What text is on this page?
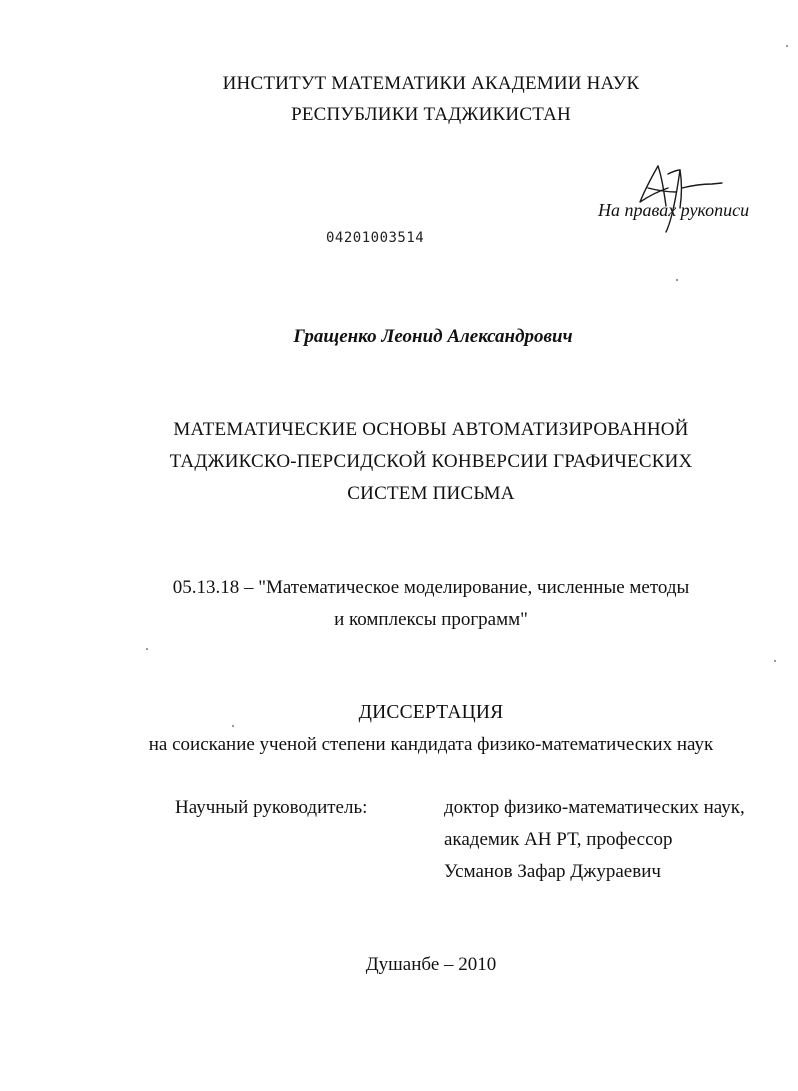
ИНСТИТУТ МАТЕМАТИКИ АКАДЕМИИ НАУК
РЕСПУБЛИКИ ТАДЖИКИСТАН
На правах рукописи
04201003514
Гращенко Леонид Александрович
МАТЕМАТИЧЕСКИЕ ОСНОВЫ АВТОМАТИЗИРОВАННОЙ
ТАДЖИКСКО-ПЕРСИДСКОЙ КОНВЕРСИИ ГРАФИЧЕСКИХ
СИСТЕМ ПИСЬМА
05.13.18 – "Математическое моделирование, численные методы
и комплексы программ"
ДИССЕРТАЦИЯ
на соискание ученой степени кандидата физико-математических наук
Научный руководитель:	доктор физико-математических наук,
академик АН РТ, профессор
Усманов Зафар Джураевич
Душанбе – 2010
